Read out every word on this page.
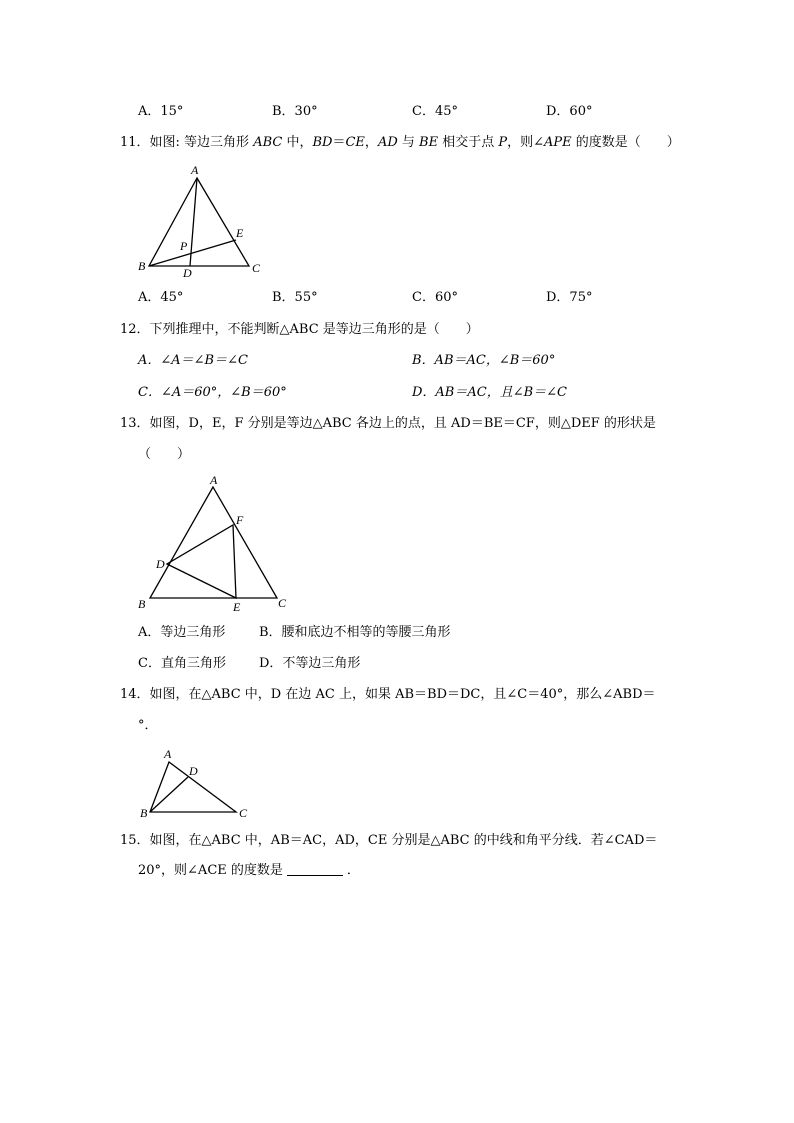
A．15°	B．30°	C．45°	D．60°
11．如图: 等边三角形 ABC 中，BD＝CE，AD 与 BE 相交于点 P，则∠APE 的度数是（　　）
A
B	C
D
E
P
A．45°	B．55°	C．60°	D．75°
12．下列推理中，不能判断△ABC 是等边三角形的是（　　）
A．∠A＝∠B＝∠C	B．AB＝AC，∠B＝60°
C．∠A＝60°，∠B＝60°	D．AB＝AC，且∠B＝∠C
13．如图，D，E，F 分别是等边△ABC 各边上的点，且 AD＝BE＝CF，则△DEF 的形状是
（　　）
A
B	C
D
E
F
A．等边三角形	B．腰和底边不相等的等腰三角形
C．直角三角形	D．不等边三角形
14．如图，在△ABC 中，D 在边 AC 上，如果 AB＝BD＝DC，且∠C＝40°，那么∠ABD＝
°．
A
B	C
D
15．如图，在△ABC 中，AB＝AC，AD，CE 分别是△ABC 的中线和角平分线．若∠CAD＝
20°，则∠ACE 的度数是	．
